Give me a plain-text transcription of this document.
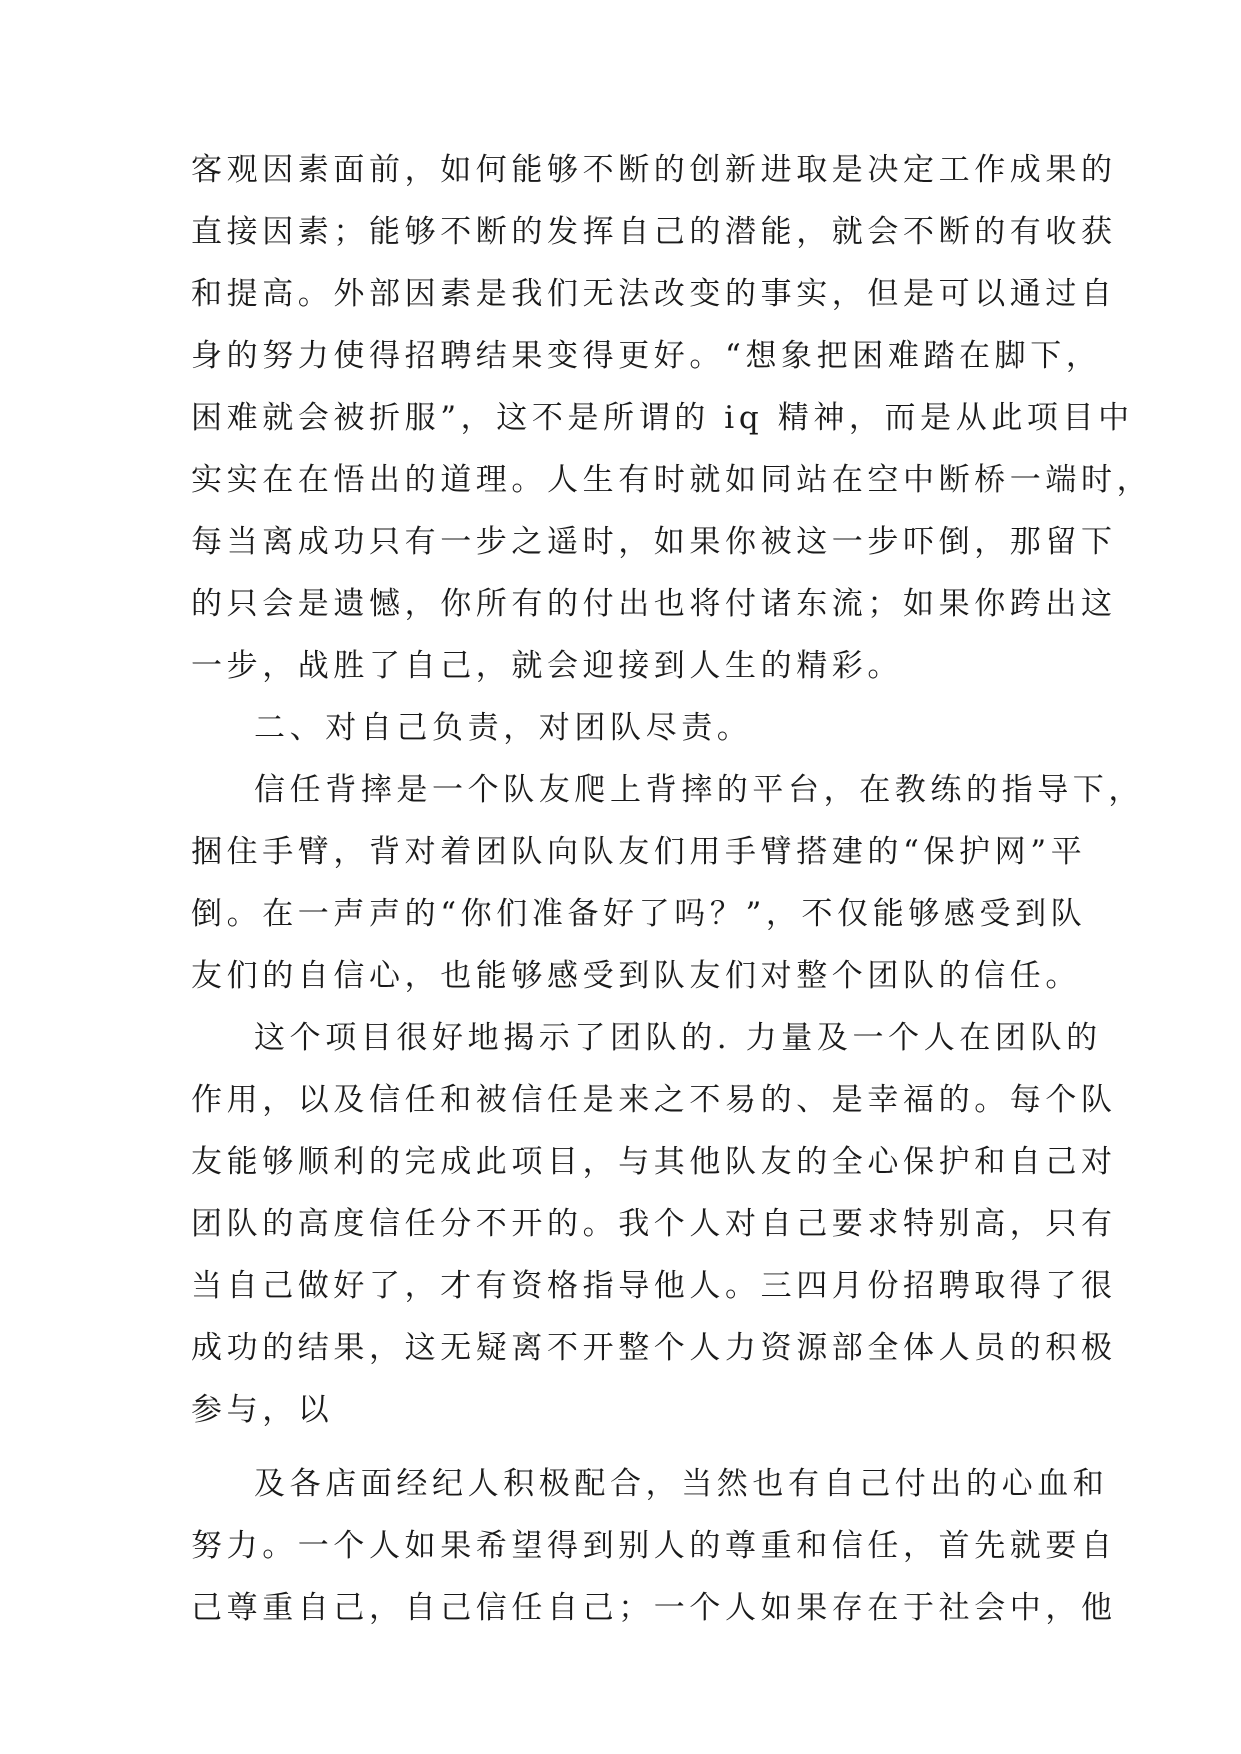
客观因素面前，如何能够不断的创新进取是决定工作成果的
直接因素；能够不断的发挥自己的潜能，就会不断的有收获
和提高。外部因素是我们无法改变的事实，但是可以通过自
身的努力使得招聘结果变得更好。“想象把困难踏在脚下，
困难就会被折服”，这不是所谓的 iq 精神，而是从此项目中
实实在在悟出的道理。人生有时就如同站在空中断桥一端时，
每当离成功只有一步之遥时，如果你被这一步吓倒，那留下
的只会是遗憾，你所有的付出也将付诸东流；如果你跨出这
一步，战胜了自己，就会迎接到人生的精彩。
二、对自己负责，对团队尽责。
信任背摔是一个队友爬上背摔的平台，在教练的指导下，
捆住手臂，背对着团队向队友们用手臂搭建的“保护网”平
倒。在一声声的“你们准备好了吗？”，不仅能够感受到队
友们的自信心，也能够感受到队友们对整个团队的信任。
这个项目很好地揭示了团队的. 力量及一个人在团队的
作用，以及信任和被信任是来之不易的、是幸福的。每个队
友能够顺利的完成此项目，与其他队友的全心保护和自己对
团队的高度信任分不开的。我个人对自己要求特别高，只有
当自己做好了，才有资格指导他人。三四月份招聘取得了很
成功的结果，这无疑离不开整个人力资源部全体人员的积极
参与，以
及各店面经纪人积极配合，当然也有自己付出的心血和
努力。一个人如果希望得到别人的尊重和信任，首先就要自
己尊重自己，自己信任自己；一个人如果存在于社会中，他
